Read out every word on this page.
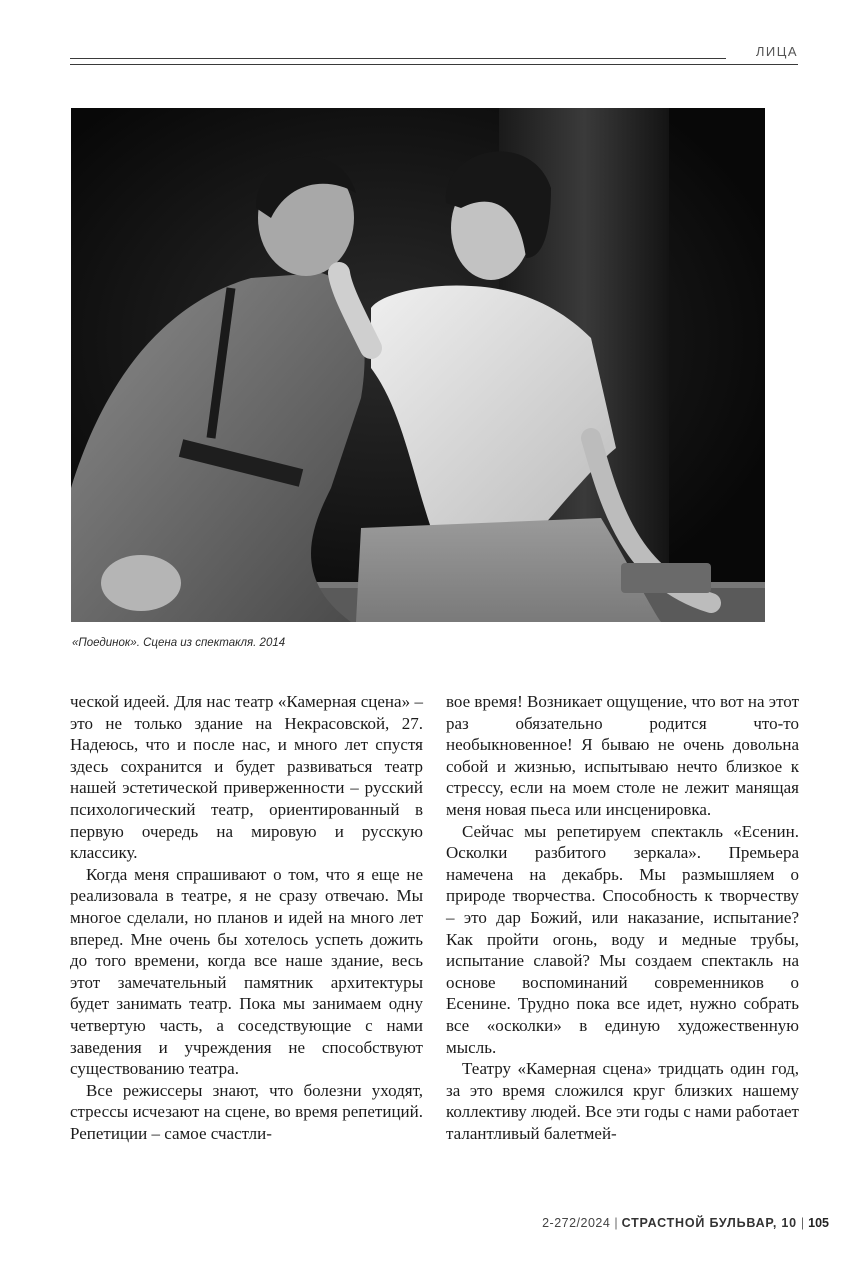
ЛИЦА
«Поединок». Сцена из спектакля. 2014

ческой идеей. Для нас театр «Камерная сцена» – это не только здание на Некрасовской, 27. Надеюсь, что и после нас, и много лет спустя здесь сохранится и будет развиваться театр нашей эстетической приверженности – русский психологический театр, ориентированный в первую очередь на мировую и русскую классику.

Когда меня спрашивают о том, что я еще не реализовала в театре, я не сразу отвечаю. Мы многое сделали, но планов и идей на много лет вперед. Мне очень бы хотелось успеть дожить до того времени, когда все наше здание, весь этот замечательный памятник архитектуры будет занимать театр. Пока мы занимаем одну четвертую часть, а соседствующие с нами заведения и учреждения не способствуют существованию театра.

Все режиссеры знают, что болезни уходят, стрессы исчезают на сцене, во время репетиций. Репетиции – самое счастли-

вое время! Возникает ощущение, что вот на этот раз обязательно родится что-то необыкновенное! Я бываю не очень довольна собой и жизнью, испытываю нечто близкое к стрессу, если на моем столе не лежит манящая меня новая пьеса или инсценировка.

Сейчас мы репетируем спектакль «Есенин. Осколки разбитого зеркала». Премьера намечена на декабрь. Мы размышляем о природе творчества. Способность к творчеству – это дар Божий, или наказание, испытание? Как пройти огонь, воду и медные трубы, испытание славой? Мы создаем спектакль на основе воспоминаний современников о Есенине. Трудно пока все идет, нужно собрать все «осколки» в единую художественную мысль.

Театру «Камерная сцена» тридцать один год, за это время сложился круг близких нашему коллективу людей. Все эти годы с нами работает талантливый балетмей-

2-272/2024 | СТРАСТНОЙ БУЛЬВАР, 10 | 105
